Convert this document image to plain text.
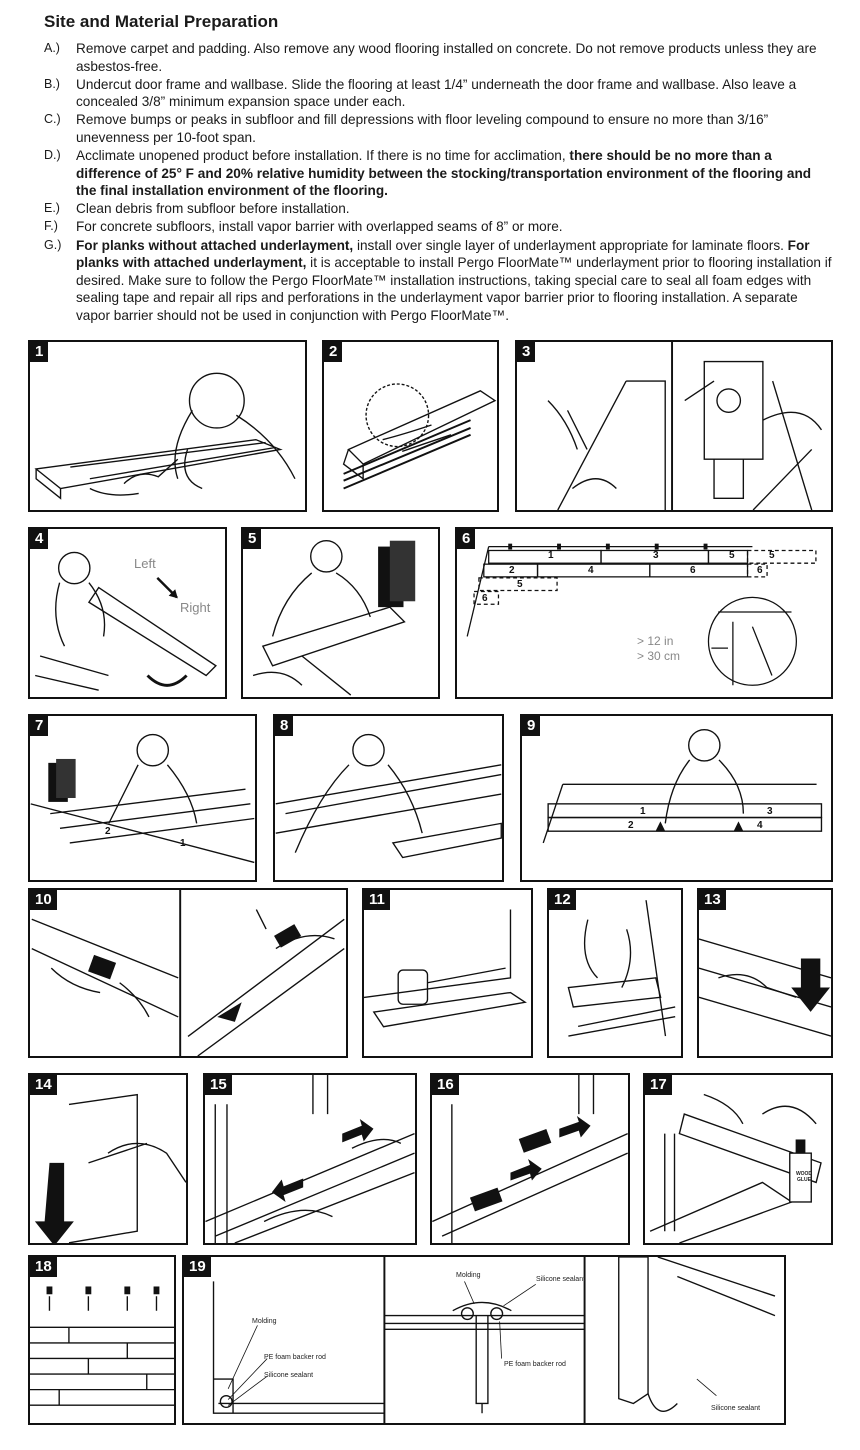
Site and Material Preparation
A.) Remove carpet and padding. Also remove any wood flooring installed on concrete. Do not remove products unless they are asbestos-free.
B.) Undercut door frame and wallbase. Slide the flooring at least 1/4” underneath the door frame and wallbase. Also leave a concealed 3/8” minimum expansion space under each.
C.) Remove bumps or peaks in subfloor and fill depressions with floor leveling compound to ensure no more than 3/16” unevenness per 10-foot span.
D.) Acclimate unopened product before installation. If there is no time for acclimation, there should be no more than a difference of 25° F and 20% relative humidity between the stocking/transportation environment of the flooring and the final installation environment of the flooring.
E.) Clean debris from subfloor before installation.
F.) For concrete subfloors, install vapor barrier with overlapped seams of 8” or more.
G.) For planks without attached underlayment, install over single layer of underlayment appropriate for laminate floors. For planks with attached underlayment, it is acceptable to install Pergo FloorMate™ underlayment prior to flooring installation if desired. Make sure to follow the Pergo FloorMate™ installation instructions, taking special care to seal all foam edges with sealing tape and repair all rips and perforations in the underlayment vapor barrier prior to flooring installation. A separate vapor barrier should not be used in conjunction with Pergo FloorMate™.
1	2	3
4
Left
Right
5	6
1
2
3
4
5
6
5
6
5
6
> 12 in
> 30 cm
7
2
1
8	9
1
2
3
4
10	11	12	13
14	15	16	17
WOOD GLUE
18	19
Molding
PE foam backer rod
Silicone sealant
Molding
Silicone sealant
PE foam backer rod
Silicone sealant
